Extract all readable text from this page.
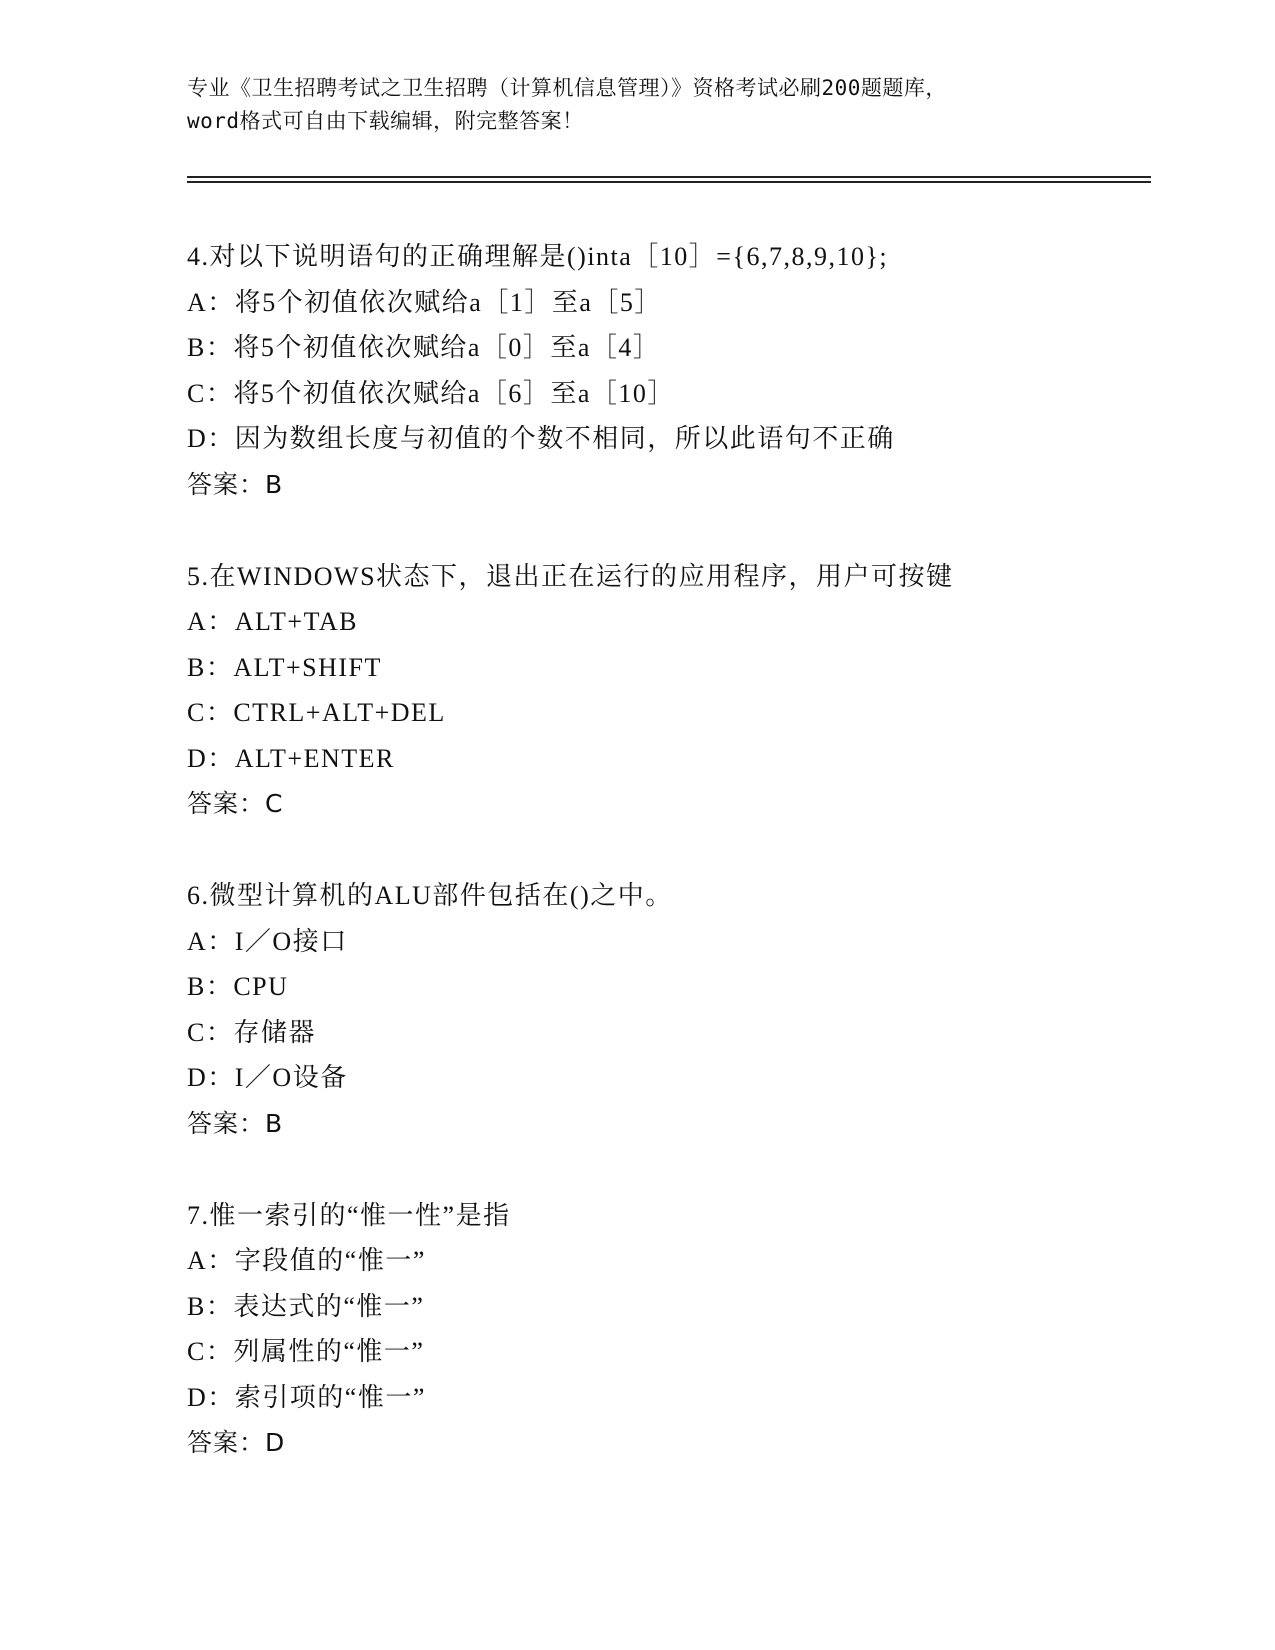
专业《卫生招聘考试之卫生招聘（计算机信息管理）》资格考试必刷200题题库，
word格式可自由下载编辑，附完整答案！
4.对以下说明语句的正确理解是()inta［10］={6,7,8,9,10};
A：将5个初值依次赋给a［1］至a［5］
B：将5个初值依次赋给a［0］至a［4］
C：将5个初值依次赋给a［6］至a［10］
D：因为数组长度与初值的个数不相同，所以此语句不正确
答案：B
5.在WINDOWS状态下，退出正在运行的应用程序，用户可按键
A：ALT+TAB
B：ALT+SHIFT
C：CTRL+ALT+DEL
D：ALT+ENTER
答案：C
6.微型计算机的ALU部件包括在()之中。
A：I／O接口
B：CPU
C：存储器
D：I／O设备
答案：B
7.惟一索引的“惟一性”是指
A：字段值的“惟一”
B：表达式的“惟一”
C：列属性的“惟一”
D：索引项的“惟一”
答案：D
